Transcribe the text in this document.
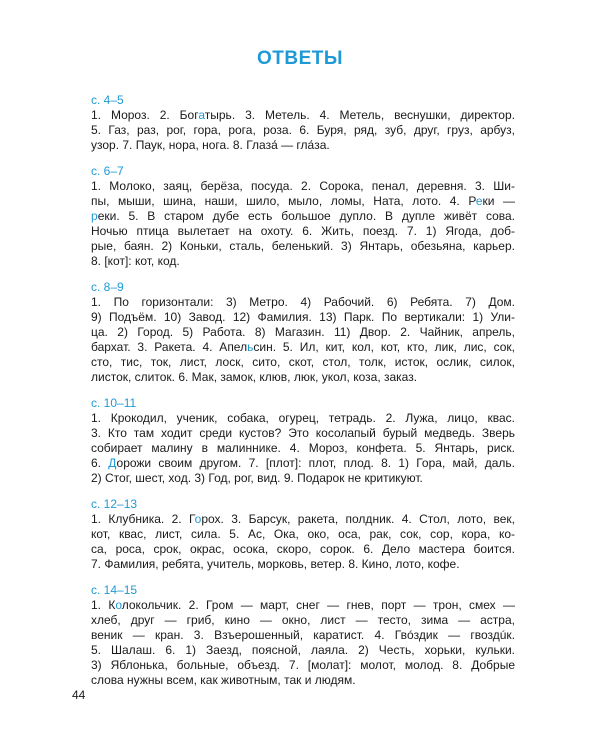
ОТВЕТЫ
с. 4–5
1. Мороз. 2. Богатырь. 3. Метель. 4. Метель, веснушки, директор.
5. Газ, раз, рог, гора, рога, роза. 6. Буря, ряд, зуб, друг, груз, арбуз,
узор. 7. Паук, нора, нога. 8. Глаза́ — гла́за.
с. 6–7
1. Молоко, заяц, берёза, посуда. 2. Сорока, пенал, деревня. 3. Ши-
пы, мыши, шина, наши, шило, мыло, ломы, Ната, лото. 4. Реки —
реки. 5. В старом дубе есть большое дупло. В дупле живёт сова.
Ночью птица вылетает на охоту. 6. Жить, поезд. 7. 1) Ягода, доб-
рые, баян. 2) Коньки, сталь, беленький. 3) Янтарь, обезьяна, карьер.
8. [кот]: кот, код.
с. 8–9
1. По горизонтали: 3) Метро. 4) Рабочий. 6) Ребята. 7) Дом.
9) Подъём. 10) Завод. 12) Фамилия. 13) Парк. По вертикали: 1) Ули-
ца. 2) Город. 5) Работа. 8) Магазин. 11) Двор. 2. Чайник, апрель,
бархат. 3. Ракета. 4. Апельсин. 5. Ил, кит, кол, кот, кто, лик, лис, сок,
сто, тис, ток, лист, лоск, сито, скот, стол, толк, исток, ослик, силок,
листок, слиток. 6. Мак, замок, клюв, люк, укол, коза, заказ.
с. 10–11
1. Крокодил, ученик, собака, огурец, тетрадь. 2. Лужа, лицо, квас.
3. Кто там ходит среди кустов? Это косолапый бурый медведь. Зверь
собирает малину в малиннике. 4. Мороз, конфета. 5. Янтарь, риск.
6. Дорожи своим другом. 7. [плот]: плот, плод. 8. 1) Гора, май, даль.
2) Стог, шест, ход. 3) Год, рог, вид. 9. Подарок не критикуют.
с. 12–13
1. Клубника. 2. Горох. 3. Барсук, ракета, полдник. 4. Стол, лото, век,
кот, квас, лист, сила. 5. Ас, Ока, око, оса, рак, сок, сор, кора, ко-
са, роса, срок, окрас, осока, скоро, сорок. 6. Дело мастера боится.
7. Фамилия, ребята, учитель, морковь, ветер. 8. Кино, лото, кофе.
с. 14–15
1. Колокольчик. 2. Гром — март, снег — гнев, порт — трон, смех —
хлеб, друг — гриб, кино — окно, лист — тесто, зима — астра,
веник — кран. 3. Взъерошенный, каратист. 4. Гвóздик — гвоздúк.
5. Шалаш. 6. 1) Заезд, поясной, лаяла. 2) Честь, хорьки, кульки.
3) Яблонька, больные, объезд. 7. [молат]: молот, молод. 8. Добрые
слова нужны всем, как животным, так и людям.
44
